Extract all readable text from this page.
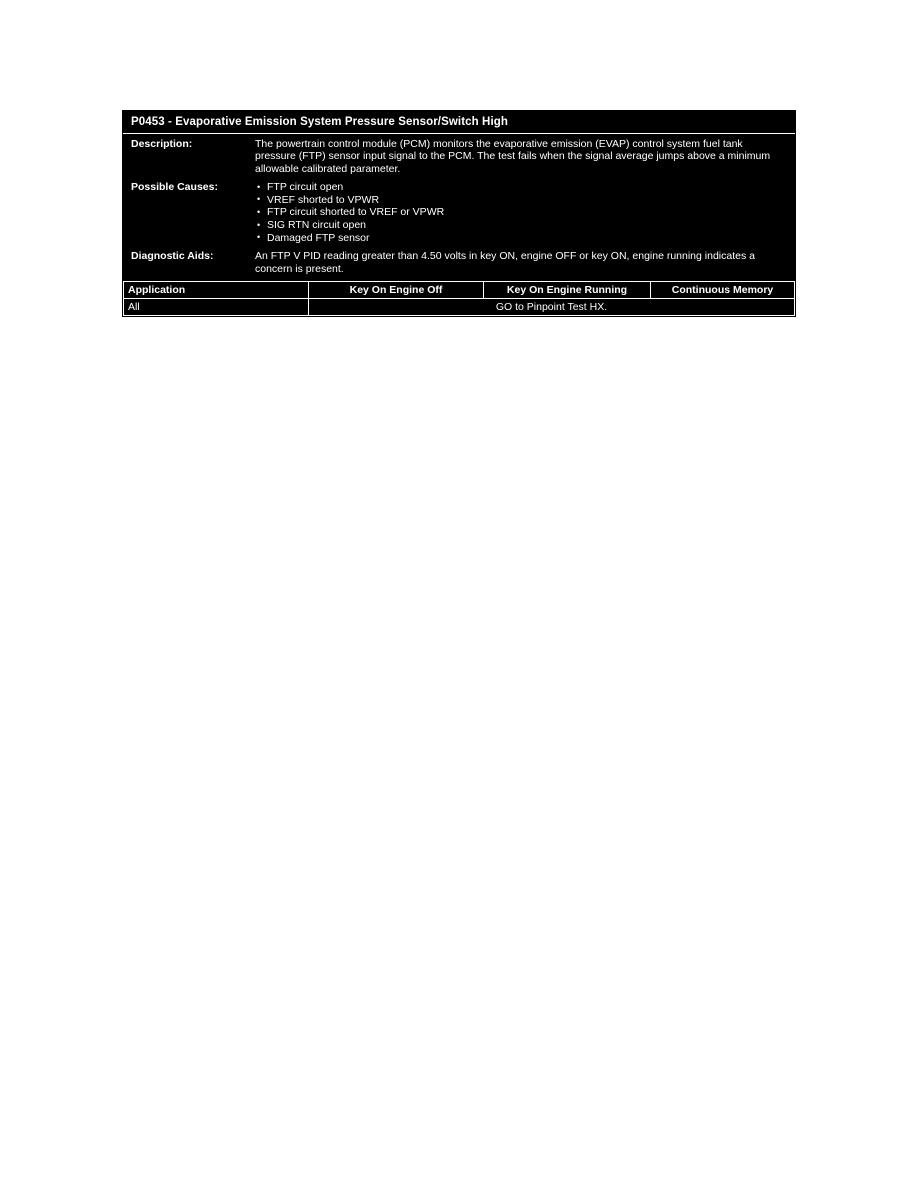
P0453 - Evaporative Emission System Pressure Sensor/Switch High
Description:	The powertrain control module (PCM) monitors the evaporative emission (EVAP) control system fuel tank pressure (FTP) sensor input signal to the PCM. The test fails when the signal average jumps above a minimum allowable calibrated parameter.

Possible Causes:	• FTP circuit open
• VREF shorted to VPWR
• FTP circuit shorted to VREF or VPWR
• SIG RTN circuit open
• Damaged FTP sensor
Diagnostic Aids:	An FTP V PID reading greater than 4.50 volts in key ON, engine OFF or key ON, engine running indicates a concern is present.

Application	Key On Engine Off	Key On Engine Running	Continuous Memory
All	GO to Pinpoint Test HX.		
